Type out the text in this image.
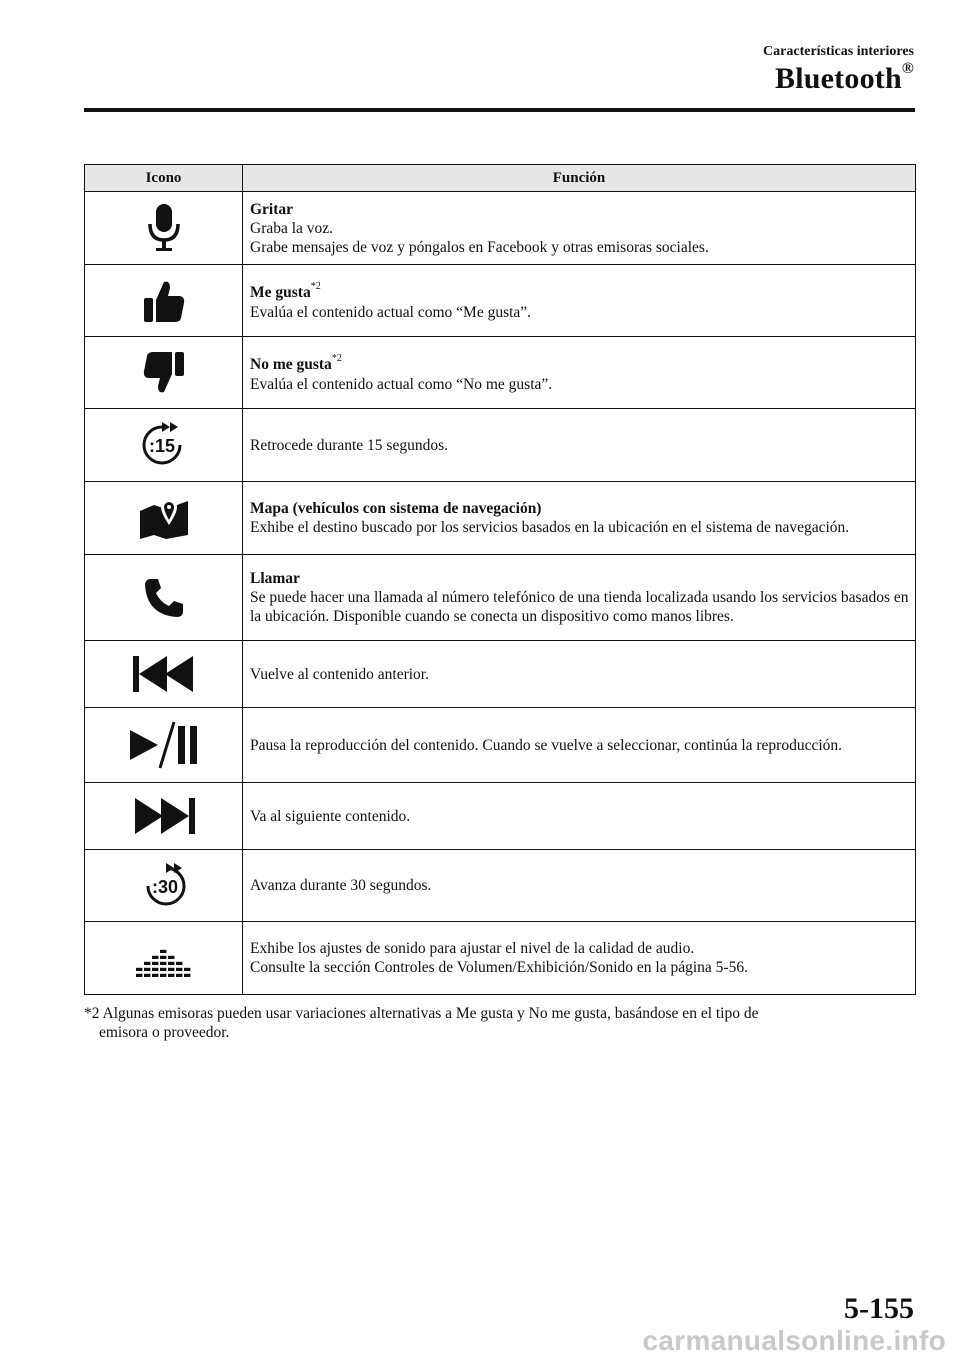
Características interiores
Bluetooth®
Icono	Función

Gritar
Graba la voz.
Grabe mensajes de voz y póngalos en Facebook y otras emisoras sociales.

Me gusta$^{*2}$
Evalúa el contenido actual como “Me gusta”.

No me gusta$^{*2}$
Evalúa el contenido actual como “No me gusta”.

:15	Retrocede durante 15 segundos.

Mapa (vehículos con sistema de navegación)
Exhibe el destino buscado por los servicios basados en la ubicación en el sistema de navegación.

Llamar
Se puede hacer una llamada al número telefónico de una tienda localizada usando los servicios basados en la ubicación. Disponible cuando se conecta un dispositivo como manos libres.

Vuelve al contenido anterior.

Pausa la reproducción del contenido. Cuando se vuelve a seleccionar, continúa la reproducción.

Va al siguiente contenido.

:30	Avanza durante 30 segundos.

Exhibe los ajustes de sonido para ajustar el nivel de la calidad de audio.
Consulte la sección Controles de Volumen/Exhibición/Sonido en la página 5-56.
*2 Algunas emisoras pueden usar variaciones alternativas a Me gusta y No me gusta, basándose en el tipo de
emisora o proveedor.
5-155
carmanualsonline.info
